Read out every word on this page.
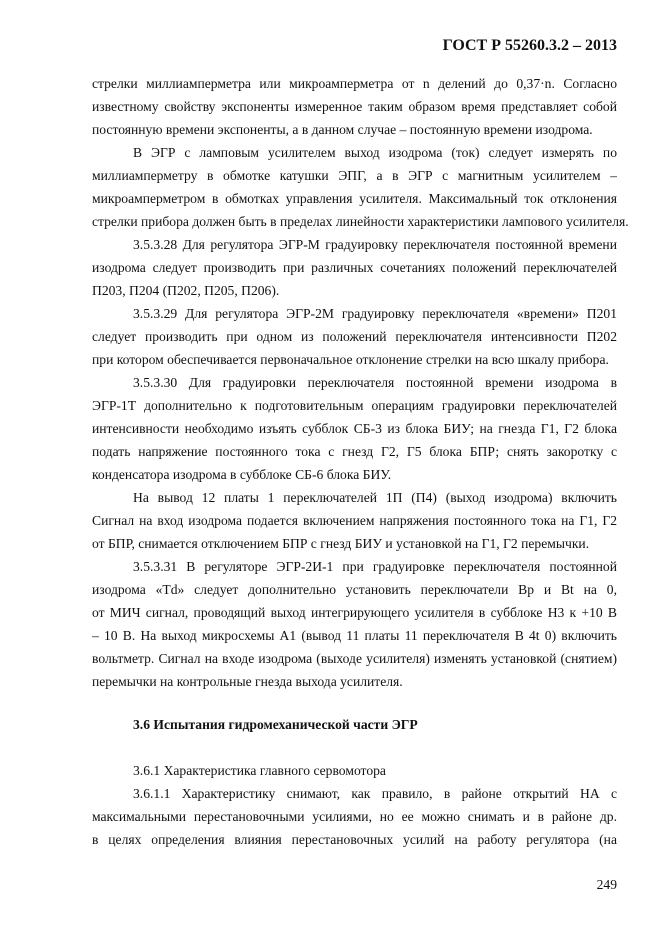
ГОСТ Р 55260.3.2 – 2013
стрелки миллиамперметра или микроамперметра от n делений до 0,37·n. Согласно
известному свойству экспоненты измеренное таким образом время представляет собой
постоянную времени экспоненты, а в данном случае – постоянную времени изодрома.
В ЭГР с ламповым усилителем выход изодрома (ток) следует измерять по
миллиамперметру в обмотке катушки ЭПГ, а в ЭГР с магнитным усилителем –
микроамперметром в обмотках управления усилителя. Максимальный ток отклонения
стрелки прибора должен быть в пределах линейности характеристики лампового усилителя.
3.5.3.28 Для регулятора ЭГР-М градуировку переключателя постоянной времени
изодрома следует производить при различных сочетаниях положений переключателей
П203, П204 (П202, П205, П206).
3.5.3.29 Для регулятора ЭГР-2М градуировку переключателя «времени» П201
следует производить при одном из положений переключателя интенсивности П202
при котором обеспечивается первоначальное отклонение стрелки на всю шкалу прибора.
3.5.3.30 Для градуировки переключателя постоянной времени изодрома в
ЭГР-1Т дополнительно к подготовительным операциям градуировки переключателей
интенсивности необходимо изъять субблок СБ-3 из блока БИУ; на гнезда Г1, Г2 блока
подать напряжение постоянного тока с гнезд Г2, Г5 блока БПР; снять закоротку с
конденсатора изодрома в субблоке СБ-6 блока БИУ.
На вывод 12 платы 1 переключателей 1П (П4) (выход изодрома) включить
Сигнал на вход изодрома подается включением напряжения постоянного тока на Г1, Г2
от БПР, снимается отключением БПР с гнезд БИУ и установкой на Г1, Г2 перемычки.
3.5.3.31 В регуляторе ЭГР-2И-1 при градуировке переключателя постоянной
изодрома «Td» следует дополнительно установить переключатели Вр и Вt на 0,
от МИЧ сигнал, проводящий выход интегрирующего усилителя в субблоке Н3 к +10 В
– 10 В. На выход микросхемы А1 (вывод 11 платы 11 переключателя В 4t 0) включить
вольтметр. Сигнал на входе изодрома (выходе усилителя) изменять установкой (снятием)
перемычки на контрольные гнезда выхода усилителя.
3.6 Испытания гидромеханической части ЭГР
3.6.1 Характеристика главного сервомотора
3.6.1.1 Характеристику снимают, как правило, в районе открытий НА с
максимальными перестановочными усилиями, но ее можно снимать и в районе др.
в целях определения влияния перестановочных усилий на работу регулятора (на
249
